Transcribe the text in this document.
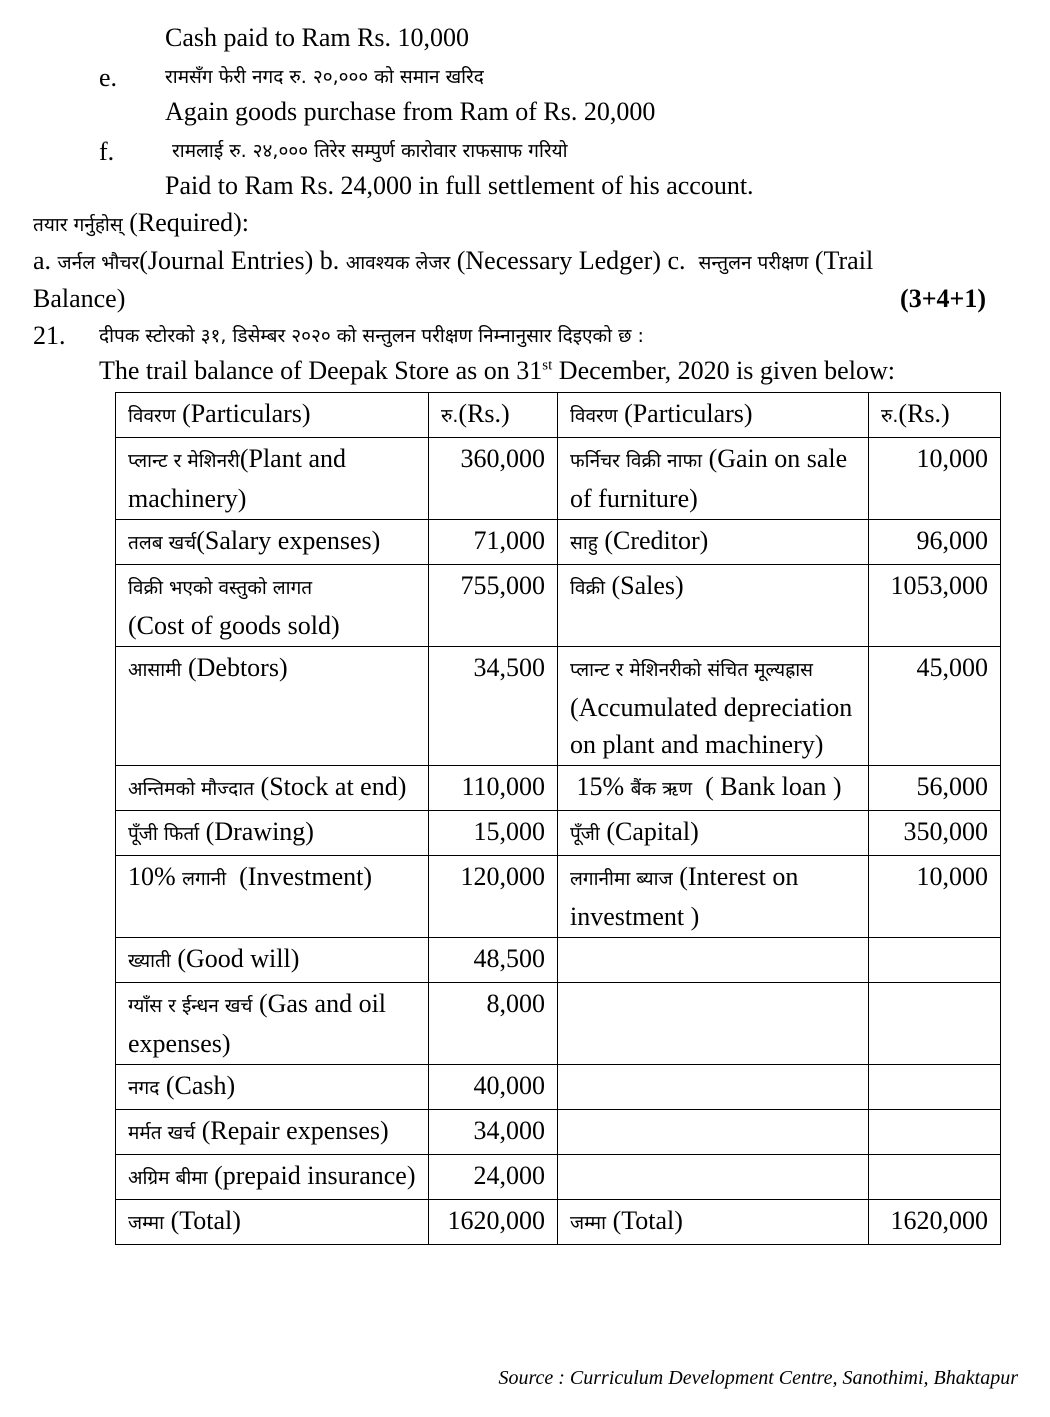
Cash paid to Ram Rs. 10,000
e.	रामसँग फेरी नगद रु. २०,००० को समान खरिद
Again goods purchase from Ram of Rs. 20,000
f.	रामलाई रु. २४,००० तिरेर सम्पुर्ण कारोवार राफसाफ गरियो
Paid to Ram Rs. 24,000 in full settlement of his account.
तयार गर्नुहोस् (Required):
a. जर्नल भौचर(Journal Entries) b. आवश्यक लेजर (Necessary Ledger) c. सन्तुलन परीक्षण (Trail
Balance)	(3+4+1)
21. दीपक स्टोरको ३१, डिसेम्बर २०२० को सन्तुलन परीक्षण निम्नानुसार दिइएको छ :
The trail balance of Deepak Store as on 31st December, 2020 is given below:
विवरण (Particulars)	रु.(Rs.)	विवरण (Particulars)	रु.(Rs.)
प्लान्ट र मेशिनरी(Plant and machinery)	360,000	फर्निचर विक्री नाफा (Gain on sale of furniture)	10,000
तलब खर्च(Salary expenses)	71,000	साहु (Creditor)	96,000
विक्री भएको वस्तुको लागत
(Cost of goods sold)	755,000	विक्री (Sales)	1053,000
आसामी (Debtors)	34,500	प्लान्ट र मेशिनरीको संचित मूल्यह्रास (Accumulated depreciation on plant and machinery)	45,000
अन्तिमको मौज्दात (Stock at end)	110,000	15% बैंक ऋण ( Bank loan )	56,000
पूँजी फिर्ता (Drawing)	15,000	पूँजी (Capital)	350,000
10% लगानी (Investment)	120,000	लगानीमा ब्याज (Interest on investment )	10,000
ख्याती (Good will)	48,500		
ग्याँस र ईन्धन खर्च (Gas and oil expenses)	8,000		
नगद (Cash)	40,000		
मर्मत खर्च (Repair expenses)	34,000		
अग्रिम बीमा (prepaid insurance)	24,000		
जम्मा (Total)	1620,000	जम्मा (Total)	1620,000
Source : Curriculum Development Centre, Sanothimi, Bhaktapur
